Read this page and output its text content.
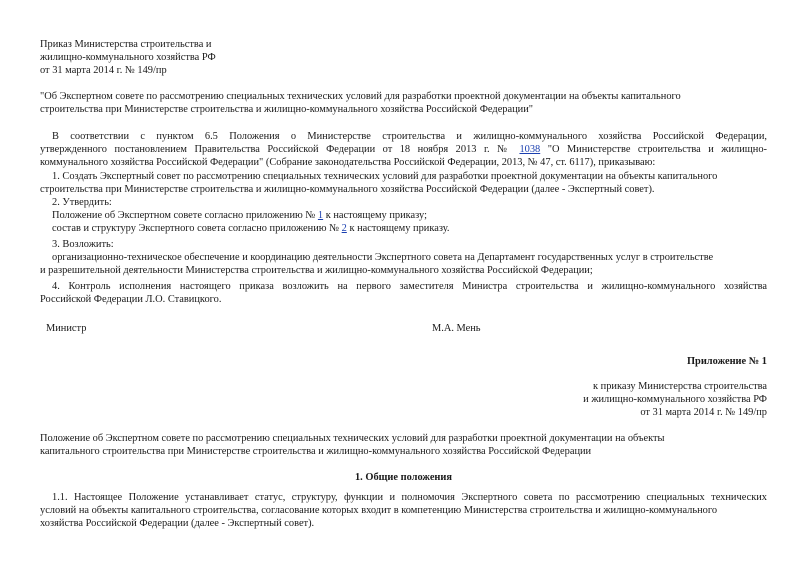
Приказ Министерства строительства и
жилищно-коммунального хозяйства РФ
от 31 марта 2014 г. № 149/пр
"Об Экспертном совете по рассмотрению специальных технических условий для разработки проектной документации на объекты капитального
строительства при Министерстве строительства и жилищно-коммунального хозяйства Российской Федерации"
В соответствии с пунктом 6.5 Положения о Министерстве строительства и жилищно-коммунального хозяйства Российской Федерации,
утвержденного постановлением Правительства Российской Федерации от 18 ноября 2013 г. № 1038 "О Министерстве строительства и жилищно-
коммунального хозяйства Российской Федерации" (Собрание законодательства Российской Федерации, 2013, № 47, ст. 6117), приказываю:
1. Создать Экспертный совет по рассмотрению специальных технических условий для разработки проектной документации на объекты капитального
строительства при Министерстве строительства и жилищно-коммунального хозяйства Российской Федерации (далее - Экспертный совет).
2. Утвердить:
Положение об Экспертном совете согласно приложению № 1 к настоящему приказу;
состав и структуру Экспертного совета согласно приложению № 2 к настоящему приказу.
3. Возложить:
организационно-техническое обеспечение и координацию деятельности Экспертного совета на Департамент государственных услуг в строительстве
и разрешительной деятельности Министерства строительства и жилищно-коммунального хозяйства Российской Федерации;
4. Контроль исполнения настоящего приказа возложить на первого заместителя Министра строительства и жилищно-коммунального хозяйства
Российской Федерации Л.О. Ставицкого.
Министр	М.А. Мень
Приложение № 1
к приказу Министерства строительства
и жилищно-коммунального хозяйства РФ
от 31 марта 2014 г. № 149/пр
Положение об Экспертном совете по рассмотрению специальных технических условий для разработки проектной документации на объекты
капитального строительства при Министерстве строительства и жилищно-коммунального хозяйства Российской Федерации
1. Общие положения
1.1. Настоящее Положение устанавливает статус, структуру, функции и полномочия Экспертного совета по рассмотрению специальных технических
условий на объекты капитального строительства, согласование которых входит в компетенцию Министерства строительства и жилищно-коммунального
хозяйства Российской Федерации (далее - Экспертный совет).
